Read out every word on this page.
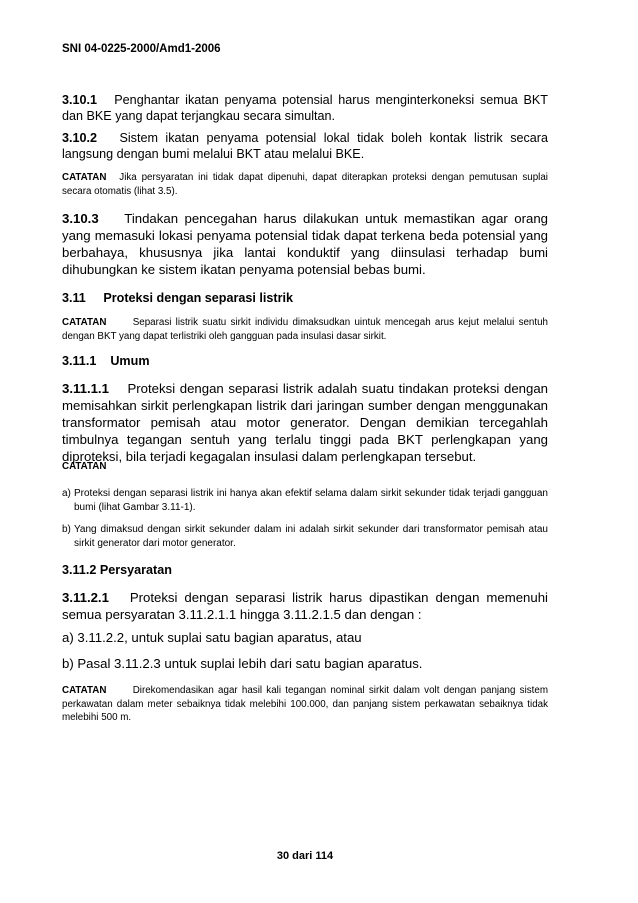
SNI 04-0225-2000/Amd1-2006
3.10.1 Penghantar ikatan penyama potensial harus menginterkoneksi semua BKT dan BKE yang dapat terjangkau secara simultan.
3.10.2 Sistem ikatan penyama potensial lokal tidak boleh kontak listrik secara langsung dengan bumi melalui BKT atau melalui BKE.
CATATAN Jika persyaratan ini tidak dapat dipenuhi, dapat diterapkan proteksi dengan pemutusan suplai secara otomatis (lihat 3.5).
3.10.3 Tindakan pencegahan harus dilakukan untuk memastikan agar orang yang memasuki lokasi penyama potensial tidak dapat terkena beda potensial yang berbahaya, khususnya jika lantai konduktif yang diinsulasi terhadap bumi dihubungkan ke sistem ikatan penyama potensial bebas bumi.
3.11 Proteksi dengan separasi listrik
CATATAN	Separasi listrik suatu sirkit individu dimaksudkan uintuk mencegah arus kejut melalui sentuh dengan BKT yang dapat terlistriki oleh gangguan pada insulasi dasar sirkit.
3.11.1 Umum
3.11.1.1 Proteksi dengan separasi listrik adalah suatu tindakan proteksi dengan memisahkan sirkit perlengkapan listrik dari jaringan sumber dengan menggunakan transformator pemisah atau motor generator. Dengan demikian tercegahlah timbulnya tegangan sentuh yang terlalu tinggi pada BKT perlengkapan yang diproteksi, bila terjadi kegagalan insulasi dalam perlengkapan tersebut.
CATATAN
a) Proteksi dengan separasi listrik ini hanya akan efektif selama dalam sirkit sekunder tidak terjadi gangguan bumi (lihat Gambar 3.11-1).
b) Yang dimaksud dengan sirkit sekunder dalam ini adalah sirkit sekunder dari transformator pemisah atau sirkit generator dari motor generator.
3.11.2 Persyaratan
3.11.2.1 Proteksi dengan separasi listrik harus dipastikan dengan memenuhi semua persyaratan 3.11.2.1.1 hingga 3.11.2.1.5 dan dengan :
a) 3.11.2.2, untuk suplai satu bagian aparatus, atau
b) Pasal 3.11.2.3 untuk suplai lebih dari satu bagian aparatus.
CATATAN	Direkomendasikan agar hasil kali tegangan nominal sirkit dalam volt dengan panjang sistem perkawatan dalam meter sebaiknya tidak melebihi 100.000, dan panjang sistem perkawatan sebaiknya tidak melebihi 500 m.
30 dari 114
